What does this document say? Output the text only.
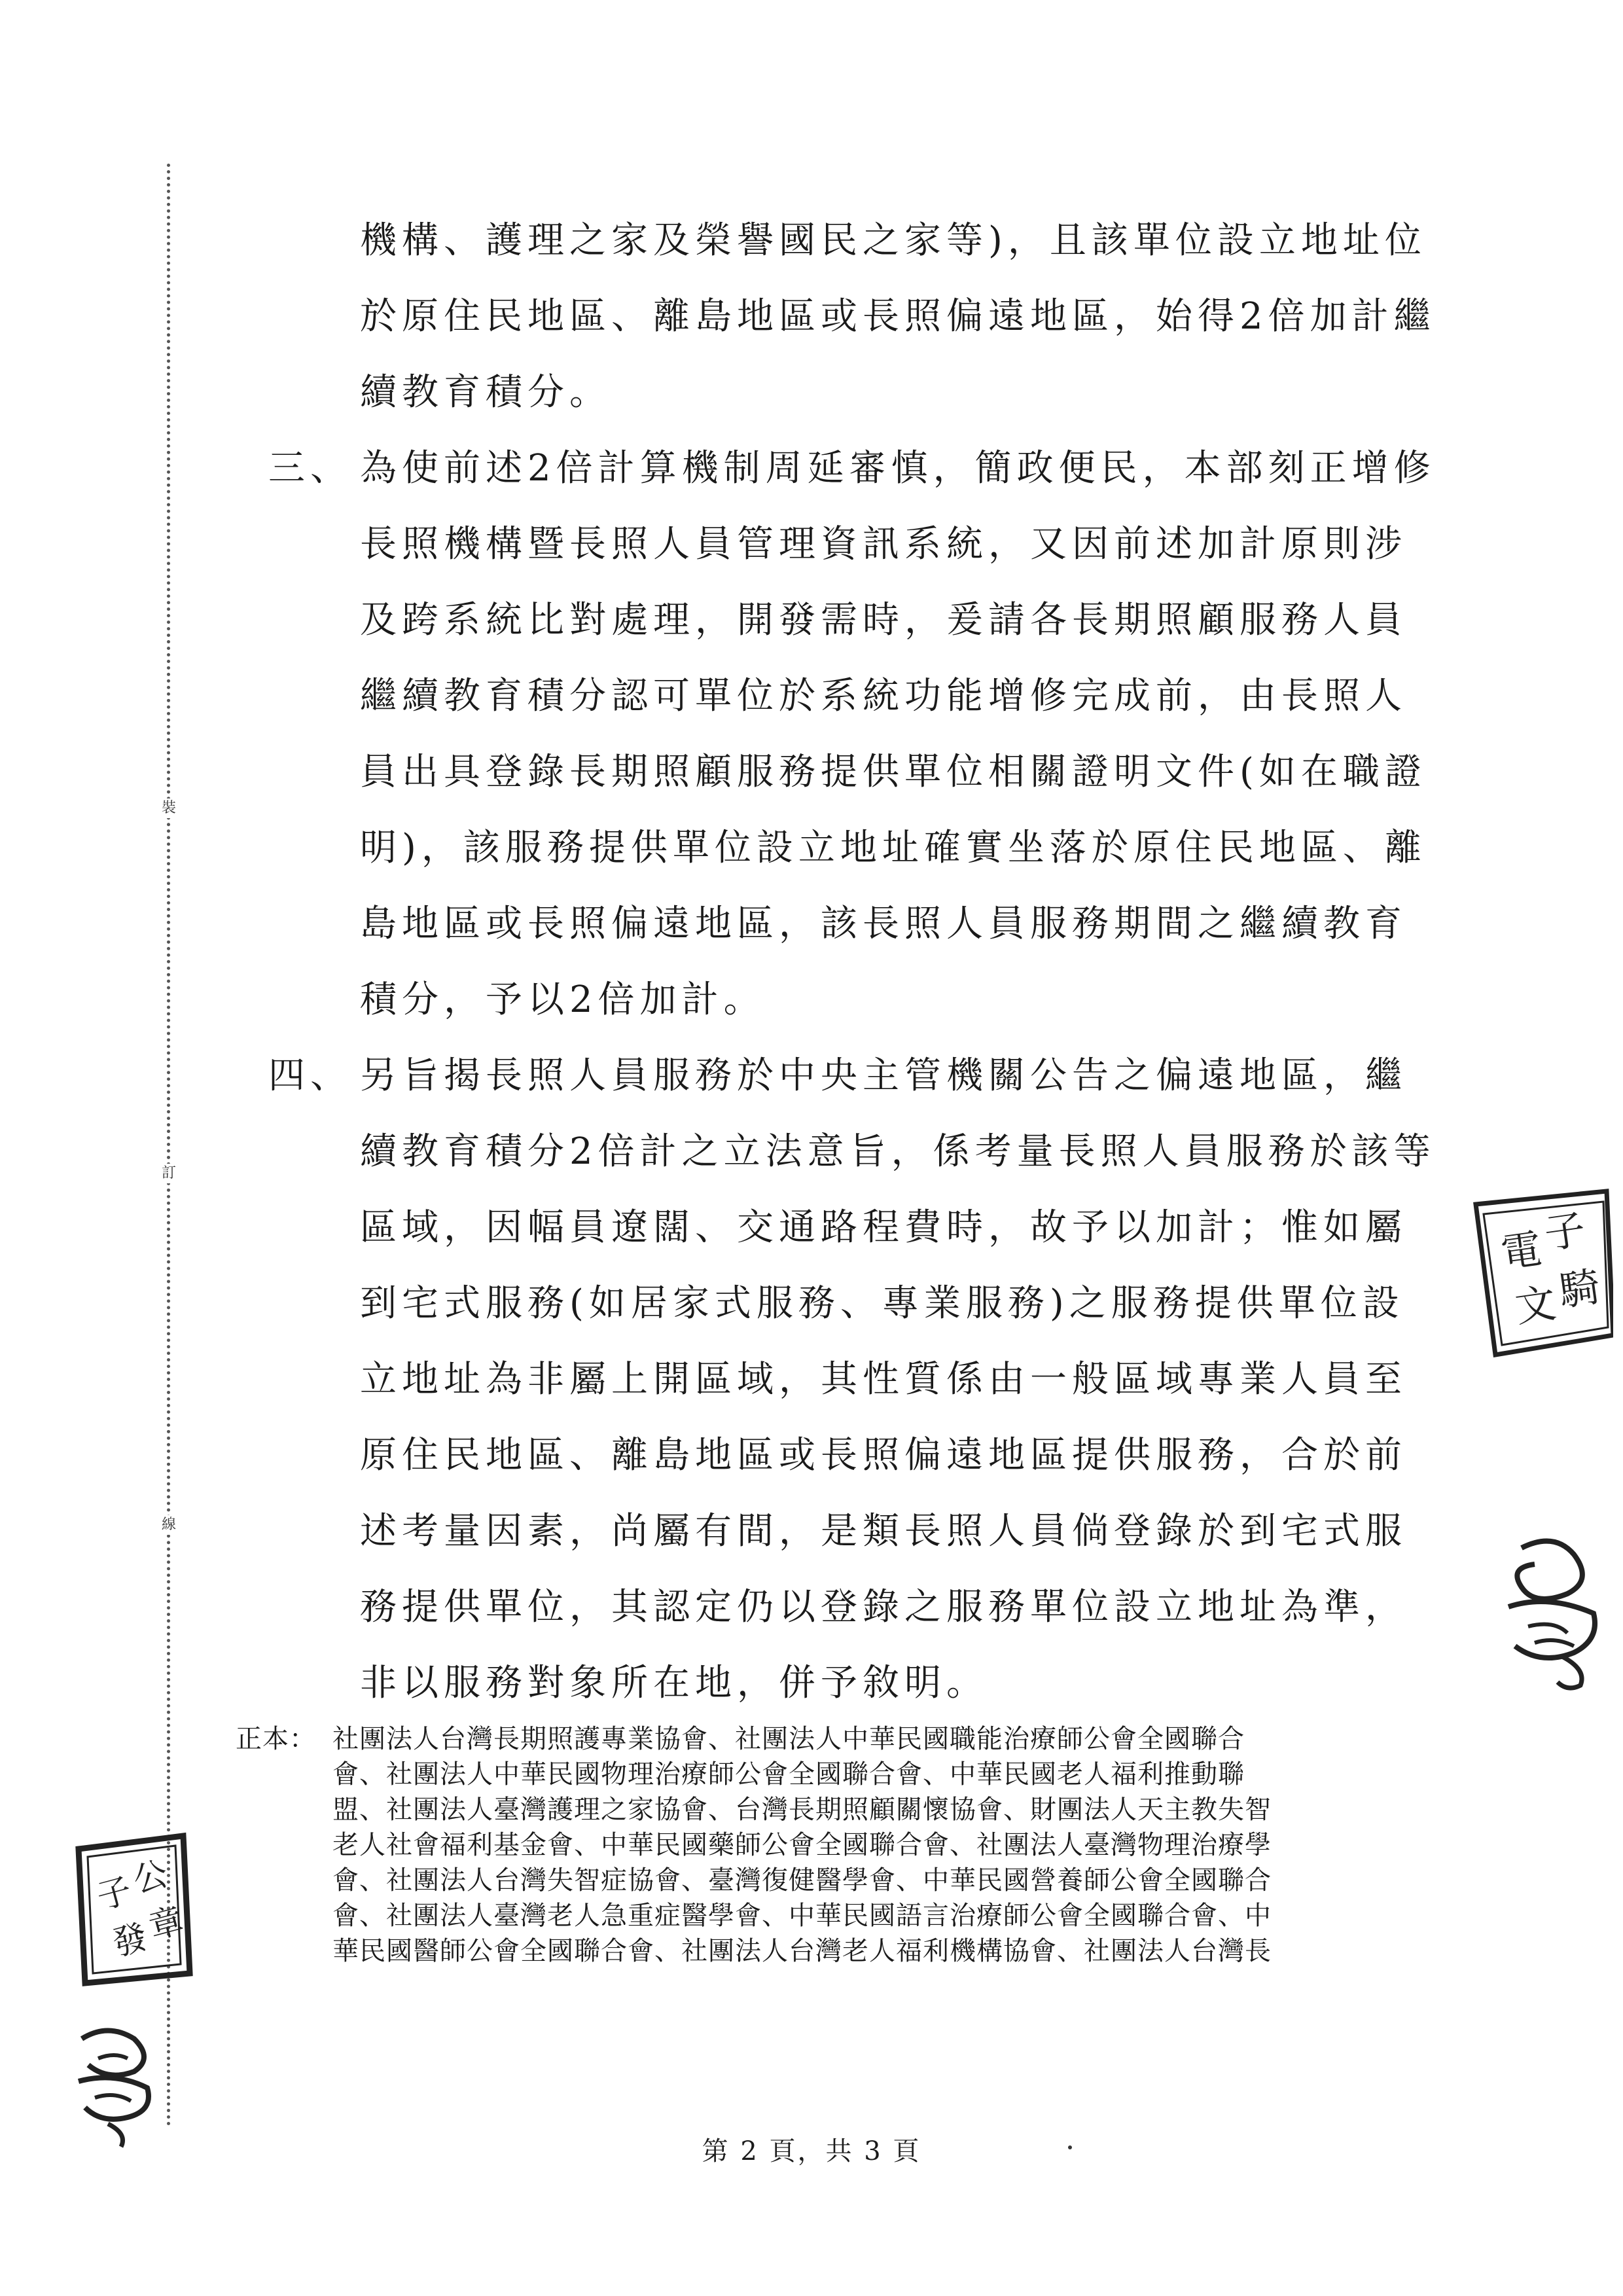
裝
訂
線
機構、護理之家及榮譽國民之家等)，且該單位設立地址位
於原住民地區、離島地區或長照偏遠地區，始得2倍加計繼
續教育積分。
三、 為使前述2倍計算機制周延審慎，簡政便民，本部刻正增修
長照機構暨長照人員管理資訊系統，又因前述加計原則涉
及跨系統比對處理，開發需時，爰請各長期照顧服務人員
繼續教育積分認可單位於系統功能增修完成前，由長照人
員出具登錄長期照顧服務提供單位相關證明文件(如在職證
明)，該服務提供單位設立地址確實坐落於原住民地區、離
島地區或長照偏遠地區，該長照人員服務期間之繼續教育
積分，予以2倍加計。
四、 另旨揭長照人員服務於中央主管機關公告之偏遠地區，繼
續教育積分2倍計之立法意旨，係考量長照人員服務於該等
區域，因幅員遼闊、交通路程費時，故予以加計；惟如屬
到宅式服務(如居家式服務、專業服務)之服務提供單位設
立地址為非屬上開區域，其性質係由一般區域專業人員至
原住民地區、離島地區或長照偏遠地區提供服務，合於前
述考量因素，尚屬有間，是類長照人員倘登錄於到宅式服
務提供單位，其認定仍以登錄之服務單位設立地址為準，
非以服務對象所在地，併予敘明。
正本： 社團法人台灣長期照護專業協會、社團法人中華民國職能治療師公會全國聯合
會、社團法人中華民國物理治療師公會全國聯合會、中華民國老人福利推動聯
盟、社團法人臺灣護理之家協會、台灣長期照顧關懷協會、財團法人天主教失智
老人社會福利基金會、中華民國藥師公會全國聯合會、社團法人臺灣物理治療學
會、社團法人台灣失智症協會、臺灣復健醫學會、中華民國營養師公會全國聯合
會、社團法人臺灣老人急重症醫學會、中華民國語言治療師公會全國聯合會、中
華民國醫師公會全國聯合會、社團法人台灣老人福利機構協會、社團法人台灣長
第 2 頁，共 3 頁
電
子
文
騎
子
公
發
章
